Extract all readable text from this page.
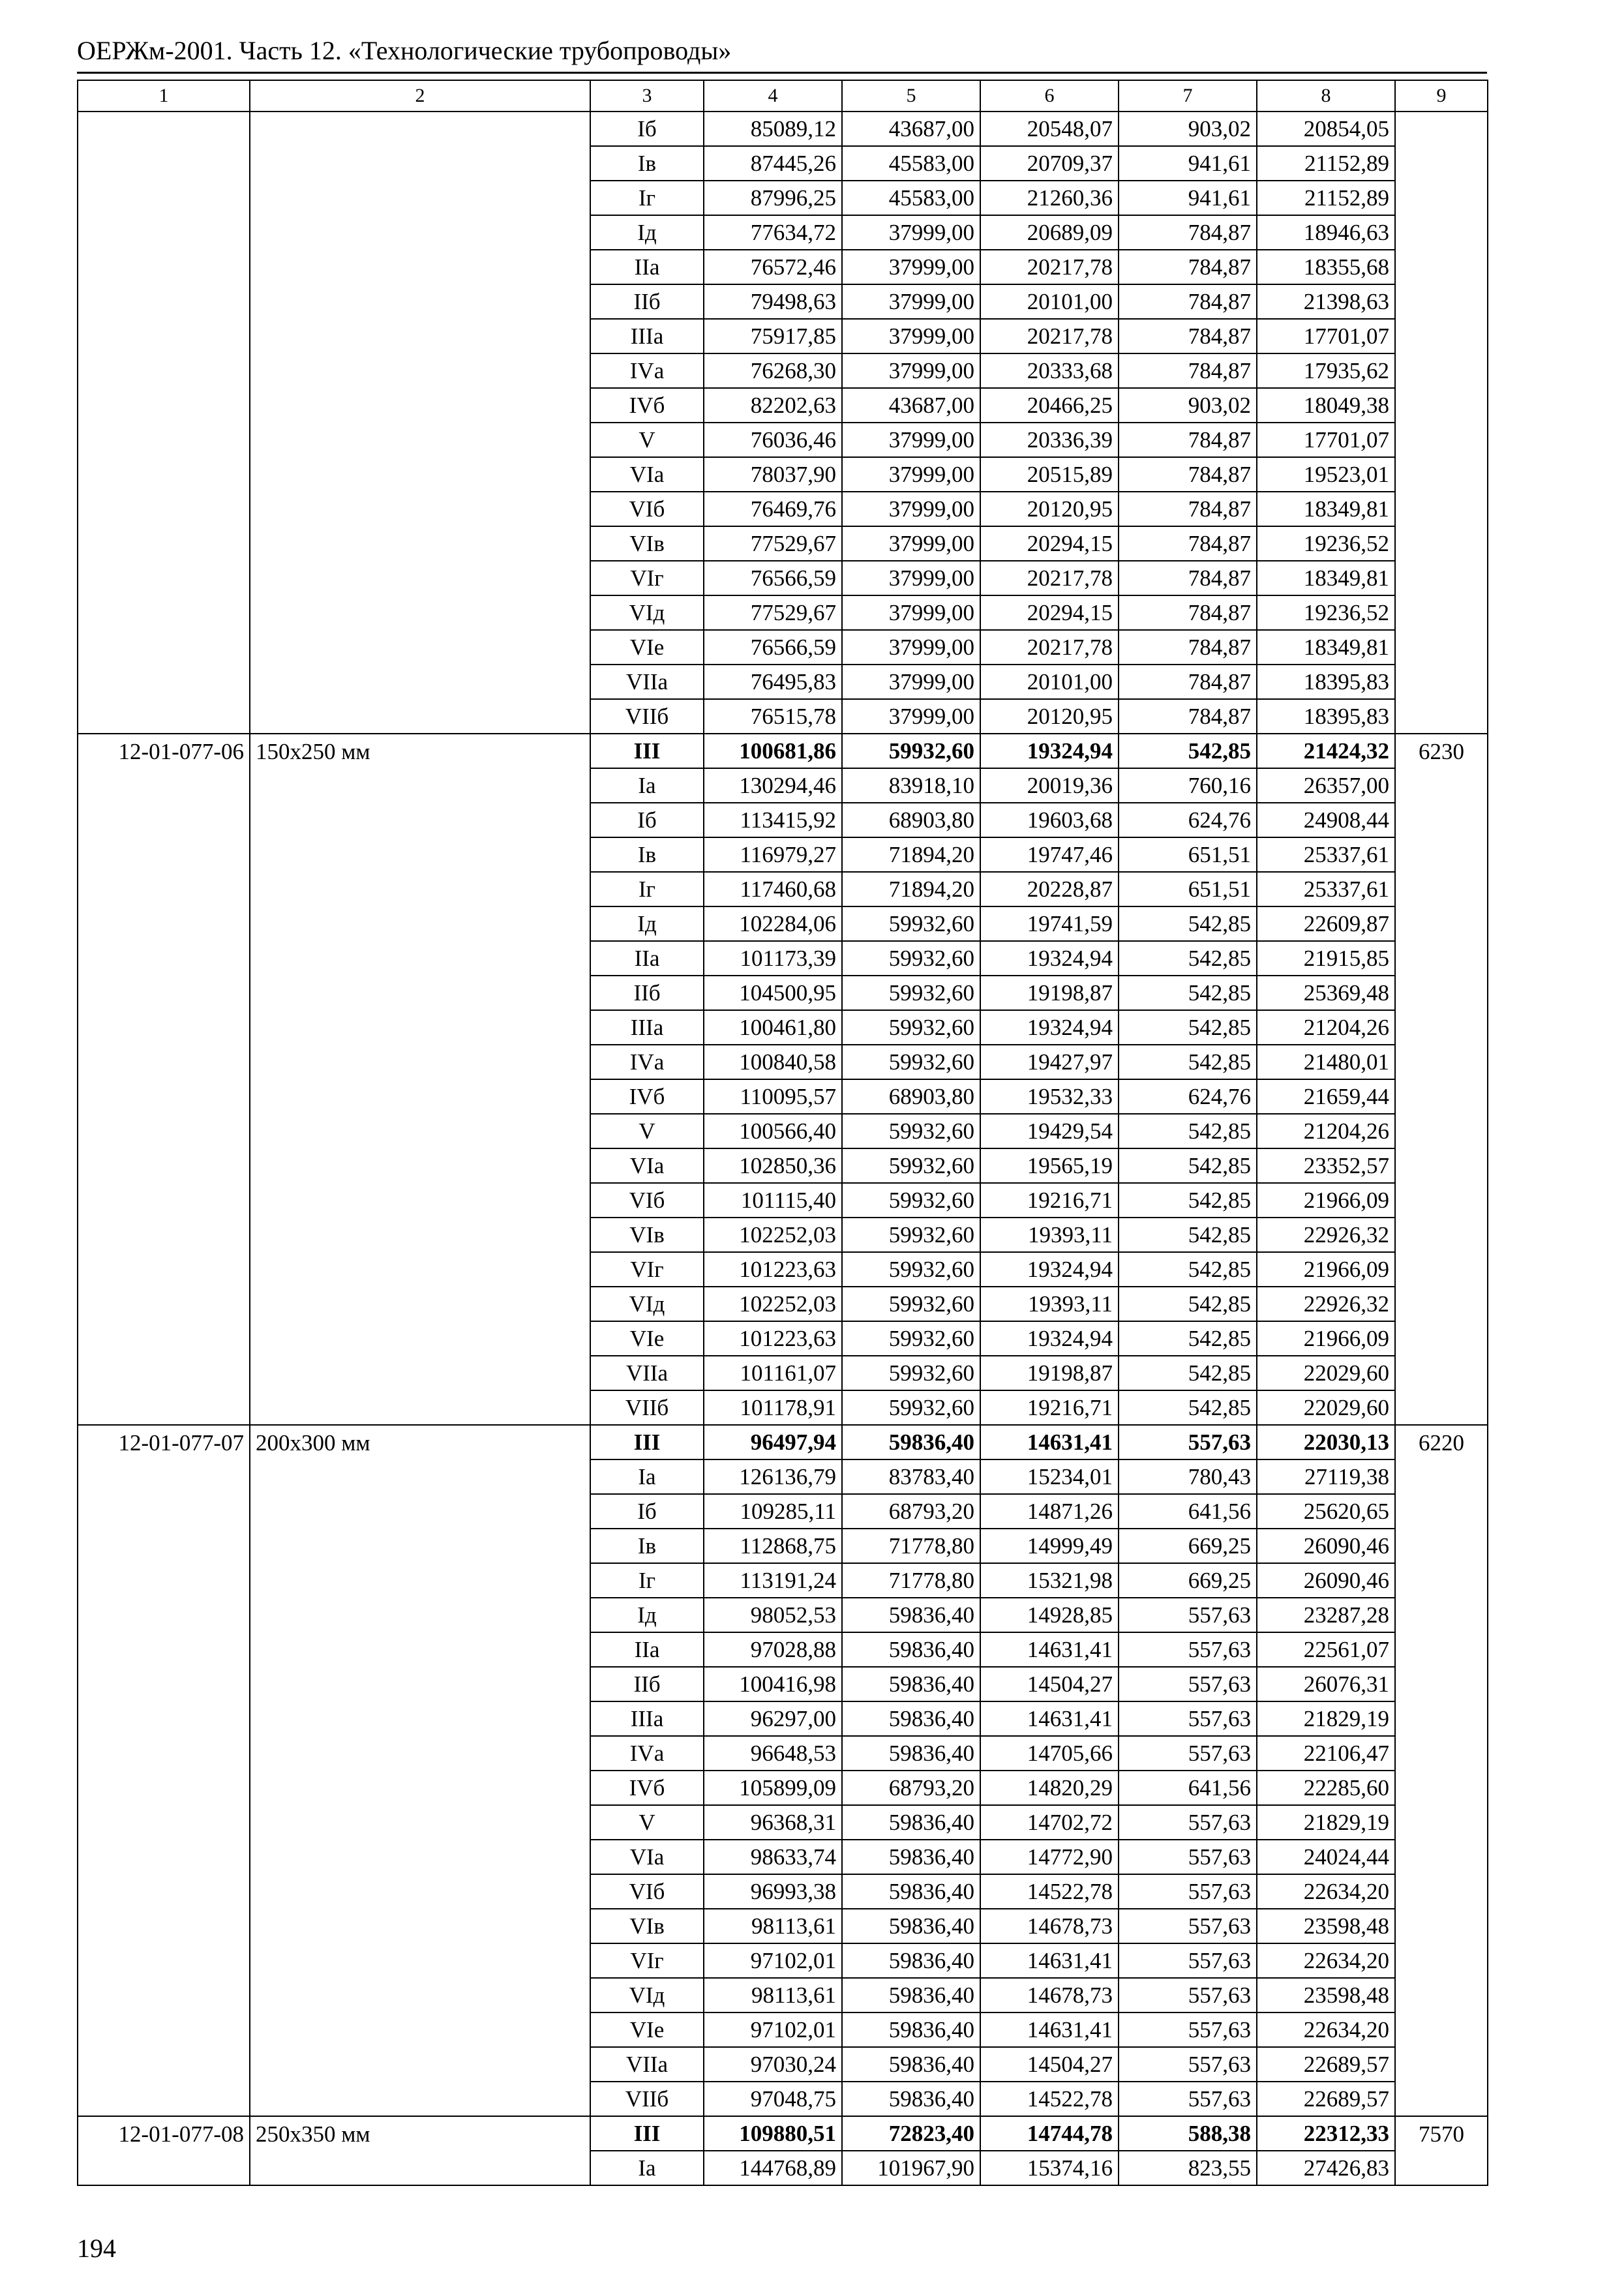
ОЕРЖм-2001. Часть 12. «Технологические трубопроводы»
1	2	3	4	5	6	7	8	9
		Iб	85089,12	43687,00	20548,07	903,02	20854,05	
		Iв	87445,26	45583,00	20709,37	941,61	21152,89	
		Iг	87996,25	45583,00	21260,36	941,61	21152,89	
		Iд	77634,72	37999,00	20689,09	784,87	18946,63	
		IIа	76572,46	37999,00	20217,78	784,87	18355,68	
		IIб	79498,63	37999,00	20101,00	784,87	21398,63	
		IIIа	75917,85	37999,00	20217,78	784,87	17701,07	
		IVа	76268,30	37999,00	20333,68	784,87	17935,62	
		IVб	82202,63	43687,00	20466,25	903,02	18049,38	
		V	76036,46	37999,00	20336,39	784,87	17701,07	
		VIа	78037,90	37999,00	20515,89	784,87	19523,01	
		VIб	76469,76	37999,00	20120,95	784,87	18349,81	
		VIв	77529,67	37999,00	20294,15	784,87	19236,52	
		VIг	76566,59	37999,00	20217,78	784,87	18349,81	
		VIд	77529,67	37999,00	20294,15	784,87	19236,52	
		VIе	76566,59	37999,00	20217,78	784,87	18349,81	
		VIIа	76495,83	37999,00	20101,00	784,87	18395,83	
		VIIб	76515,78	37999,00	20120,95	784,87	18395,83	
12-01-077-06	150х250 мм	III	100681,86	59932,60	19324,94	542,85	21424,32	6230
		Iа	130294,46	83918,10	20019,36	760,16	26357,00	
		Iб	113415,92	68903,80	19603,68	624,76	24908,44	
		Iв	116979,27	71894,20	19747,46	651,51	25337,61	
		Iг	117460,68	71894,20	20228,87	651,51	25337,61	
		Iд	102284,06	59932,60	19741,59	542,85	22609,87	
		IIа	101173,39	59932,60	19324,94	542,85	21915,85	
		IIб	104500,95	59932,60	19198,87	542,85	25369,48	
		IIIа	100461,80	59932,60	19324,94	542,85	21204,26	
		IVа	100840,58	59932,60	19427,97	542,85	21480,01	
		IVб	110095,57	68903,80	19532,33	624,76	21659,44	
		V	100566,40	59932,60	19429,54	542,85	21204,26	
		VIа	102850,36	59932,60	19565,19	542,85	23352,57	
		VIб	101115,40	59932,60	19216,71	542,85	21966,09	
		VIв	102252,03	59932,60	19393,11	542,85	22926,32	
		VIг	101223,63	59932,60	19324,94	542,85	21966,09	
		VIд	102252,03	59932,60	19393,11	542,85	22926,32	
		VIе	101223,63	59932,60	19324,94	542,85	21966,09	
		VIIа	101161,07	59932,60	19198,87	542,85	22029,60	
		VIIб	101178,91	59932,60	19216,71	542,85	22029,60	
12-01-077-07	200х300 мм	III	96497,94	59836,40	14631,41	557,63	22030,13	6220
		Iа	126136,79	83783,40	15234,01	780,43	27119,38	
		Iб	109285,11	68793,20	14871,26	641,56	25620,65	
		Iв	112868,75	71778,80	14999,49	669,25	26090,46	
		Iг	113191,24	71778,80	15321,98	669,25	26090,46	
		Iд	98052,53	59836,40	14928,85	557,63	23287,28	
		IIа	97028,88	59836,40	14631,41	557,63	22561,07	
		IIб	100416,98	59836,40	14504,27	557,63	26076,31	
		IIIа	96297,00	59836,40	14631,41	557,63	21829,19	
		IVа	96648,53	59836,40	14705,66	557,63	22106,47	
		IVб	105899,09	68793,20	14820,29	641,56	22285,60	
		V	96368,31	59836,40	14702,72	557,63	21829,19	
		VIа	98633,74	59836,40	14772,90	557,63	24024,44	
		VIб	96993,38	59836,40	14522,78	557,63	22634,20	
		VIв	98113,61	59836,40	14678,73	557,63	23598,48	
		VIг	97102,01	59836,40	14631,41	557,63	22634,20	
		VIд	98113,61	59836,40	14678,73	557,63	23598,48	
		VIе	97102,01	59836,40	14631,41	557,63	22634,20	
		VIIа	97030,24	59836,40	14504,27	557,63	22689,57	
		VIIб	97048,75	59836,40	14522,78	557,63	22689,57	
12-01-077-08	250х350 мм	III	109880,51	72823,40	14744,78	588,38	22312,33	7570
		Iа	144768,89	101967,90	15374,16	823,55	27426,83	
194
